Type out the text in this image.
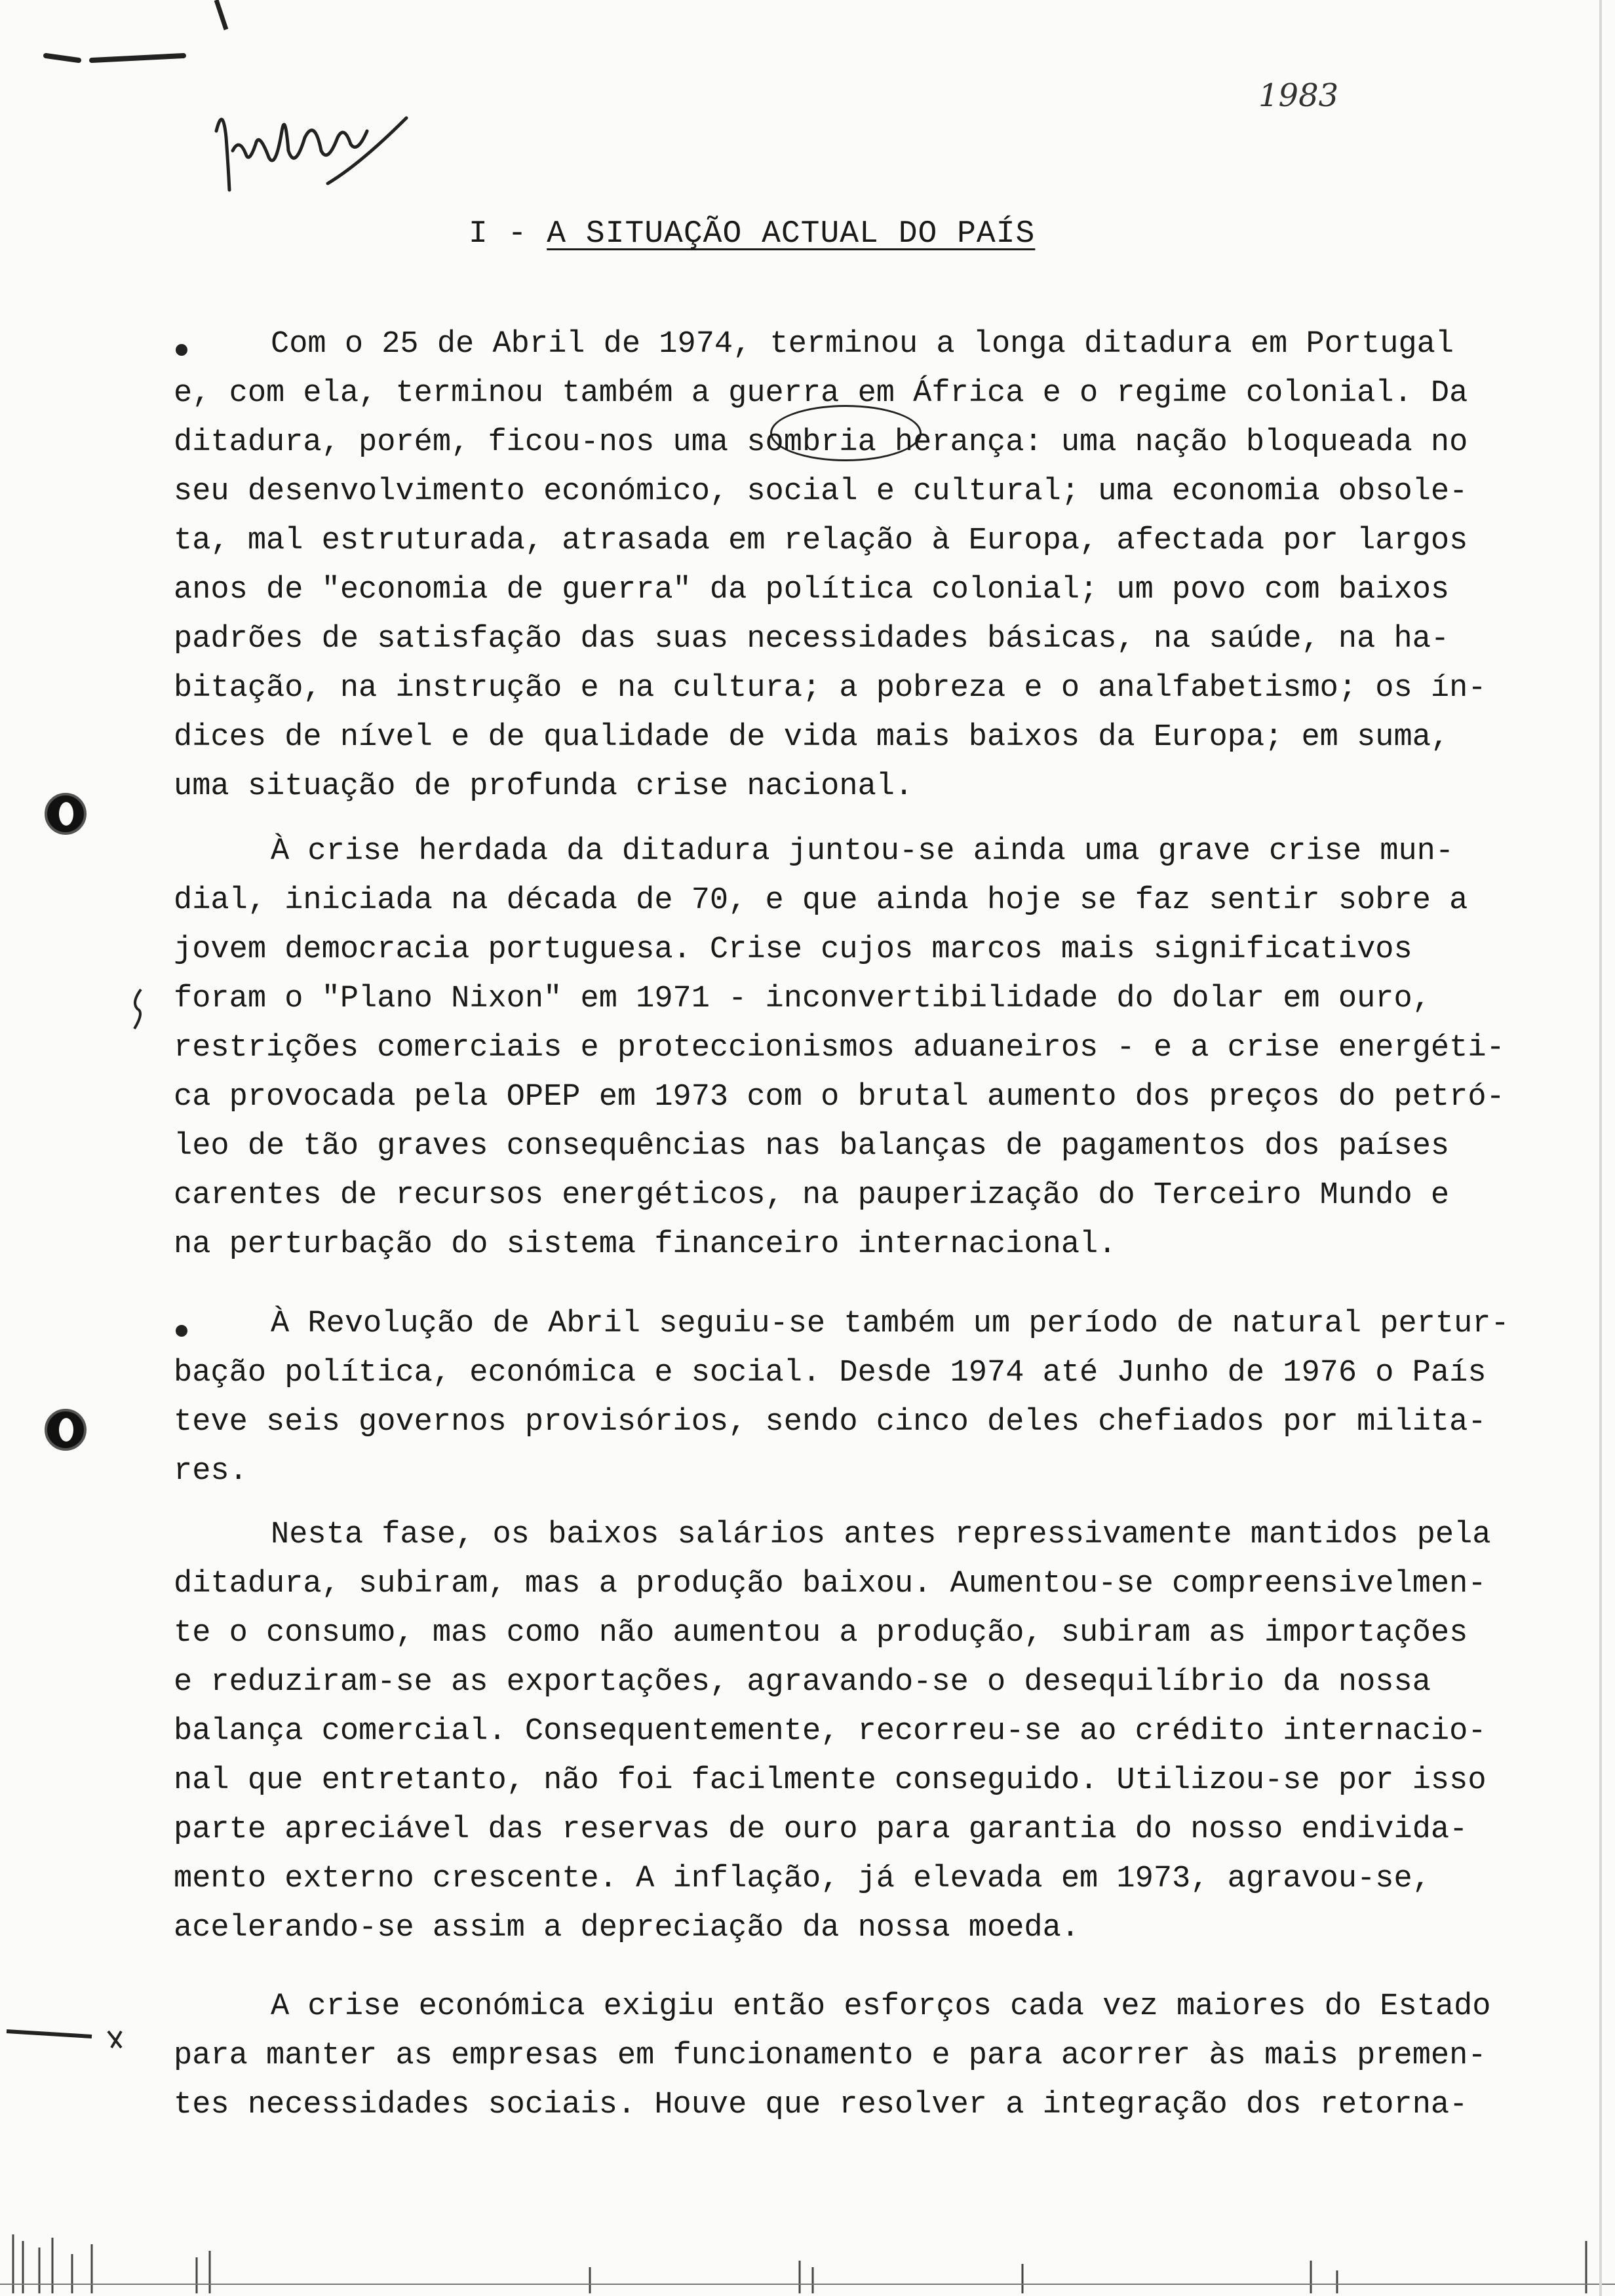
1983
I - A SITUAÇÃO ACTUAL DO PAÍS
Com o 25 de Abril de 1974, terminou a longa ditadura em Portugal
e, com ela, terminou também a guerra em África e o regime colonial. Da
ditadura, porém, ficou-nos uma sombria herança: uma nação bloqueada no
seu desenvolvimento económico, social e cultural; uma economia obsole-
ta, mal estruturada, atrasada em relação à Europa, afectada por largos
anos de "economia de guerra" da política colonial; um povo com baixos
padrões de satisfação das suas necessidades básicas, na saúde, na ha-
bitação, na instrução e na cultura; a pobreza e o analfabetismo; os ín-
dices de nível e de qualidade de vida mais baixos da Europa; em suma,
uma situação de profunda crise nacional.
À crise herdada da ditadura juntou-se ainda uma grave crise mun-
dial, iniciada na década de 70, e que ainda hoje se faz sentir sobre a
jovem democracia portuguesa. Crise cujos marcos mais significativos
foram o "Plano Nixon" em 1971 - inconvertibilidade do dolar em ouro,
restrições comerciais e proteccionismos aduaneiros - e a crise energéti-
ca provocada pela OPEP em 1973 com o brutal aumento dos preços do petró-
leo de tão graves consequências nas balanças de pagamentos dos países
carentes de recursos energéticos, na pauperização do Terceiro Mundo e
na perturbação do sistema financeiro internacional.
À Revolução de Abril seguiu-se também um período de natural pertur-
bação política, económica e social. Desde 1974 até Junho de 1976 o País
teve seis governos provisórios, sendo cinco deles chefiados por milita-
res.
Nesta fase, os baixos salários antes repressivamente mantidos pela
ditadura, subiram, mas a produção baixou. Aumentou-se compreensivelmen-
te o consumo, mas como não aumentou a produção, subiram as importações
e reduziram-se as exportações, agravando-se o desequilíbrio da nossa
balança comercial. Consequentemente, recorreu-se ao crédito internacio-
nal que entretanto, não foi facilmente conseguido. Utilizou-se por isso
parte apreciável das reservas de ouro para garantia do nosso endivida-
mento externo crescente. A inflação, já elevada em 1973, agravou-se,
acelerando-se assim a depreciação da nossa moeda.
A crise económica exigiu então esforços cada vez maiores do Estado
para manter as empresas em funcionamento e para acorrer às mais premen-
tes necessidades sociais. Houve que resolver a integração dos retorna-
